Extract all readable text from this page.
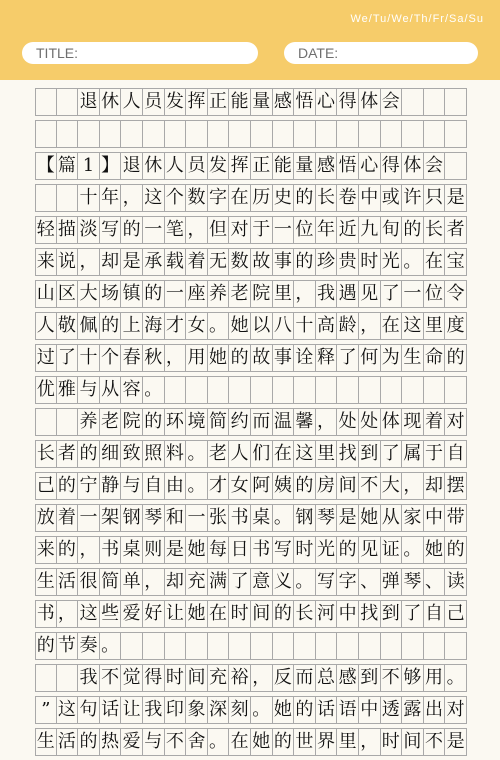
We/Tu/We/Th/Fr/Sa/Su
TITLE:	DATE:
退 休 人 员 发 挥 正 能 量 感 悟 心 得 体 会
【 篇 1 】 退 休 人 员 发 挥 正 能 量 感 悟 心 得 体 会
十 年 ， 这 个 数 字 在 历 史 的 长 卷 中 或 许 只 是
轻 描 淡 写 的 一 笔 ， 但 对 于 一 位 年 近 九 旬 的 长 者
来 说 ， 却 是 承 载 着 无 数 故 事 的 珍 贵 时 光 。 在 宝
山 区 大 场 镇 的 一 座 养 老 院 里 ， 我 遇 见 了 一 位 令
人 敬 佩 的 上 海 才 女 。 她 以 八 十 高 龄 ， 在 这 里 度
过 了 十 个 春 秋 ， 用 她 的 故 事 诠 释 了 何 为 生 命 的
优 雅 与 从 容 。
养 老 院 的 环 境 简 约 而 温 馨 ， 处 处 体 现 着 对
长 者 的 细 致 照 料 。 老 人 们 在 这 里 找 到 了 属 于 自
己 的 宁 静 与 自 由 。 才 女 阿 姨 的 房 间 不 大 ， 却 摆
放 着 一 架 钢 琴 和 一 张 书 桌 。 钢 琴 是 她 从 家 中 带
来 的 ， 书 桌 则 是 她 每 日 书 写 时 光 的 见 证 。 她 的
生 活 很 简 单 ， 却 充 满 了 意 义 。 写 字 、 弹 琴 、 读
书 ， 这 些 爱 好 让 她 在 时 间 的 长 河 中 找 到 了 自 己
的 节 奏 。
我 不 觉 得 时 间 充 裕 ， 反 而 总 感 到 不 够 用 。
” 这 句 话 让 我 印 象 深 刻 。 她 的 话 语 中 透 露 出 对
生 活 的 热 爱 与 不 舍 。 在 她 的 世 界 里 ， 时 间 不 是
